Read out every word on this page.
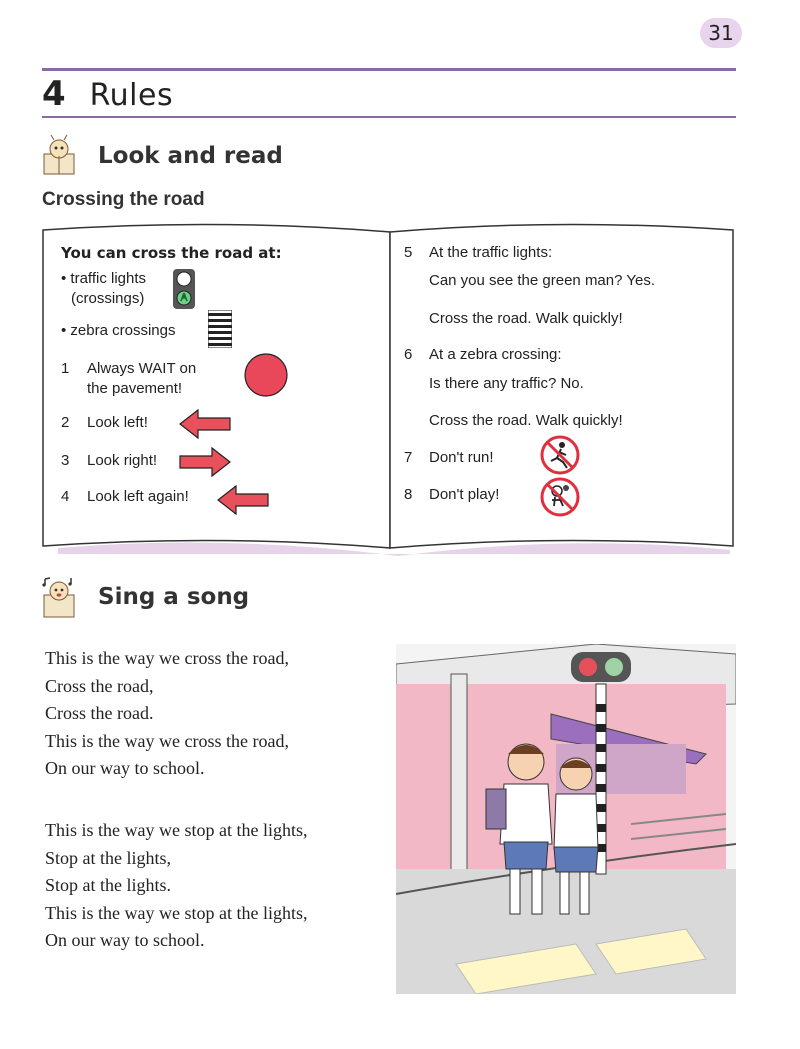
31
4 Rules
Look and read
Crossing the road
You can cross the road at:
• traffic lights
(crossings)
• zebra crossings
1 Always WAIT on
the pavement!
2 Look left!
3 Look right!
4 Look left again!
5 At the traffic lights:
Can you see the green man? Yes.
Cross the road. Walk quickly!
6 At a zebra crossing:
Is there any traffic? No.
Cross the road. Walk quickly!
7 Don't run!
8 Don't play!
Sing a song
This is the way we cross the road,
Cross the road,
Cross the road.
This is the way we cross the road,
On our way to school.
This is the way we stop at the lights,
Stop at the lights,
Stop at the lights.
This is the way we stop at the lights,
On our way to school.
